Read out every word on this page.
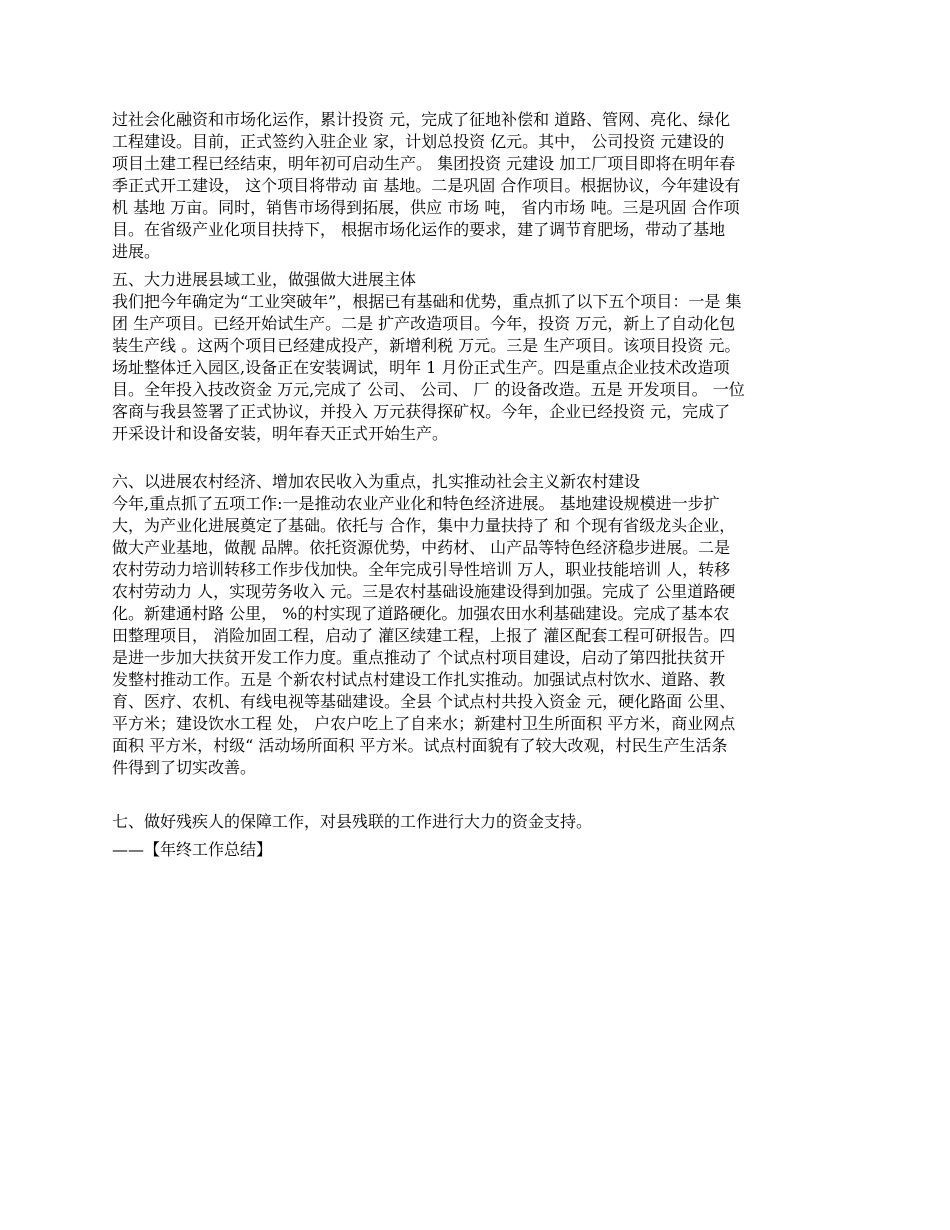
过社会化融资和市场化运作，累计投资 元，完成了征地补偿和 道路、管网、亮化、绿化
工程建设。目前，正式签约入驻企业 家，计划总投资 亿元。其中， 公司投资 元建设的
项目土建工程已经结束，明年初可启动生产。 集团投资 元建设 加工厂项目即将在明年春
季正式开工建设， 这个项目将带动 亩 基地。二是巩固 合作项目。根据协议，今年建设有
机 基地 万亩。同时，销售市场得到拓展，供应 市场 吨， 省内市场 吨。三是巩固 合作项
目。在省级产业化项目扶持下， 根据市场化运作的要求，建了调节育肥场，带动了基地
进展。
五、大力进展县域工业，做强做大进展主体
我们把今年确定为“工业突破年”，根据已有基础和优势，重点抓了以下五个项目：一是 集
团 生产项目。已经开始试生产。二是 扩产改造项目。今年，投资 万元，新上了自动化包
装生产线 。这两个项目已经建成投产，新增利税 万元。三是 生产项目。该项目投资 元。
场址整体迁入园区,设备正在安装调试，明年 1 月份正式生产。四是重点企业技术改造项
目。全年投入技改资金 万元,完成了 公司、 公司、 厂 的设备改造。五是 开发项目。 一位
客商与我县签署了正式协议，并投入 万元获得探矿权。今年，企业已经投资 元，完成了
开采设计和设备安装，明年春天正式开始生产。
六、以进展农村经济、增加农民收入为重点，扎实推动社会主义新农村建设
今年,重点抓了五项工作:一是推动农业产业化和特色经济进展。 基地建设规模进一步扩
大，为产业化进展奠定了基础。依托与 合作，集中力量扶持了 和 个现有省级龙头企业，
做大产业基地，做靓 品牌。依托资源优势，中药材、 山产品等特色经济稳步进展。二是
农村劳动力培训转移工作步伐加快。全年完成引导性培训 万人，职业技能培训 人，转移
农村劳动力 人，实现劳务收入 元。三是农村基础设施建设得到加强。完成了 公里道路硬
化。新建通村路 公里， %的村实现了道路硬化。加强农田水利基础建设。完成了基本农
田整理项目， 消险加固工程，启动了 灌区续建工程，上报了 灌区配套工程可研报告。四
是进一步加大扶贫开发工作力度。重点推动了 个试点村项目建设，启动了第四批扶贫开
发整村推动工作。五是 个新农村试点村建设工作扎实推动。加强试点村饮水、道路、教
育、医疗、农机、有线电视等基础建设。全县 个试点村共投入资金 元，硬化路面 公里、
平方米；建设饮水工程 处， 户农户吃上了自来水；新建村卫生所面积 平方米，商业网点
面积 平方米，村级“ 活动场所面积 平方米。试点村面貌有了较大改观，村民生产生活条
件得到了切实改善。
七、做好残疾人的保障工作，对县残联的工作进行大力的资金支持。
——【年终工作总结】
